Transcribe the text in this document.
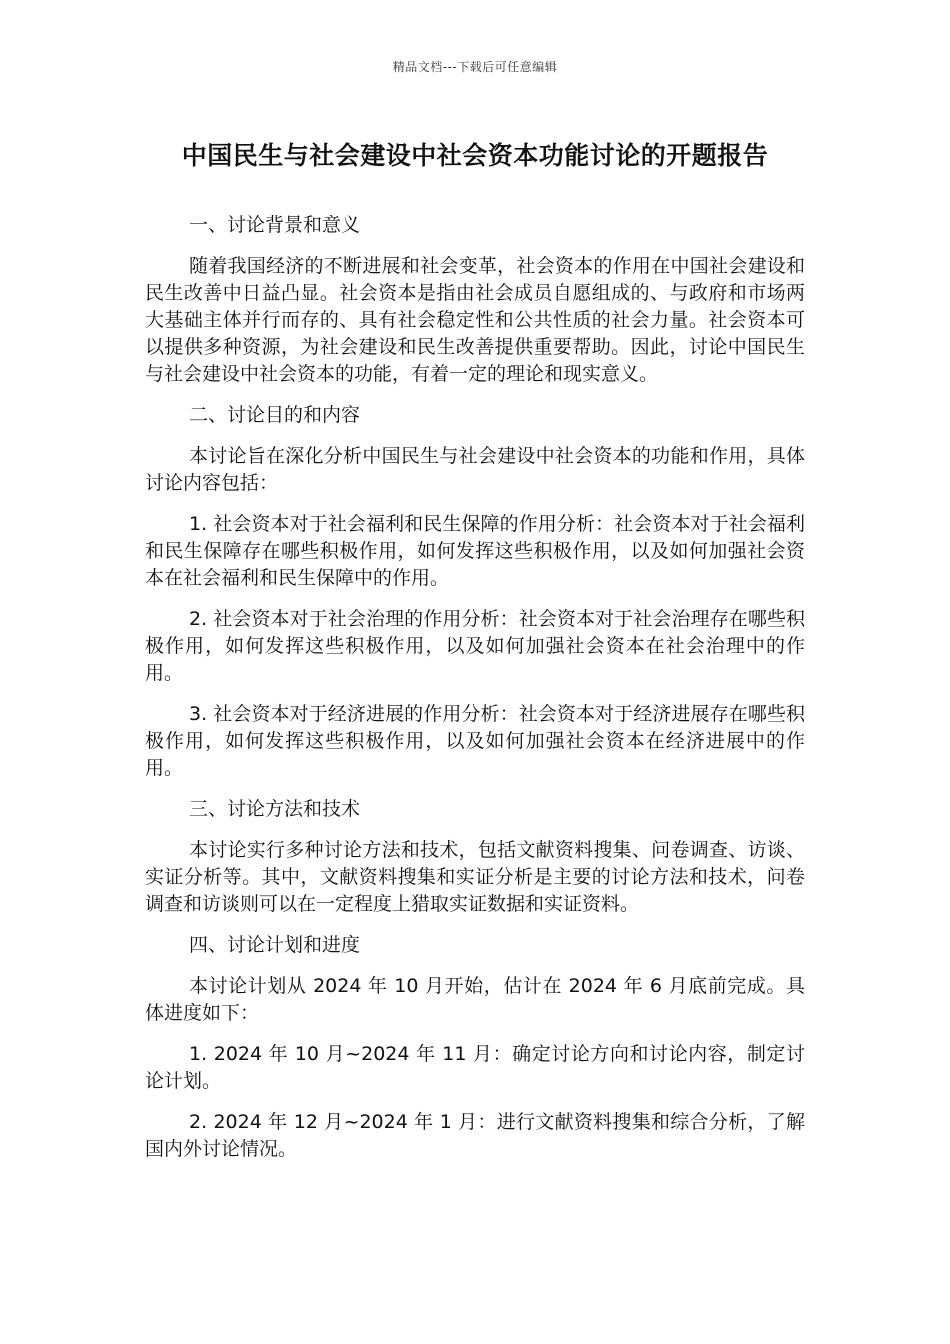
精品文档---下载后可任意编辑
中国民生与社会建设中社会资本功能讨论的开题报告

一、讨论背景和意义

随着我国经济的不断进展和社会变革，社会资本的作用在中国社会建设和民生改善中日益凸显。社会资本是指由社会成员自愿组成的、与政府和市场两大基础主体并行而存的、具有社会稳定性和公共性质的社会力量。社会资本可以提供多种资源，为社会建设和民生改善提供重要帮助。因此，讨论中国民生与社会建设中社会资本的功能，有着一定的理论和现实意义。

二、讨论目的和内容

本讨论旨在深化分析中国民生与社会建设中社会资本的功能和作用，具体讨论内容包括：

1. 社会资本对于社会福利和民生保障的作用分析：社会资本对于社会福利和民生保障存在哪些积极作用，如何发挥这些积极作用，以及如何加强社会资本在社会福利和民生保障中的作用。

2. 社会资本对于社会治理的作用分析：社会资本对于社会治理存在哪些积极作用，如何发挥这些积极作用，以及如何加强社会资本在社会治理中的作用。

3. 社会资本对于经济进展的作用分析：社会资本对于经济进展存在哪些积极作用，如何发挥这些积极作用，以及如何加强社会资本在经济进展中的作用。

三、讨论方法和技术

本讨论实行多种讨论方法和技术，包括文献资料搜集、问卷调查、访谈、实证分析等。其中，文献资料搜集和实证分析是主要的讨论方法和技术，问卷调查和访谈则可以在一定程度上猎取实证数据和实证资料。

四、讨论计划和进度

本讨论计划从 2024 年 10 月开始，估计在 2024 年 6 月底前完成。具体进度如下：

1. 2024 年 10 月~2024 年 11 月：确定讨论方向和讨论内容，制定讨论计划。

2. 2024 年 12 月~2024 年 1 月：进行文献资料搜集和综合分析，了解国内外讨论情况。
